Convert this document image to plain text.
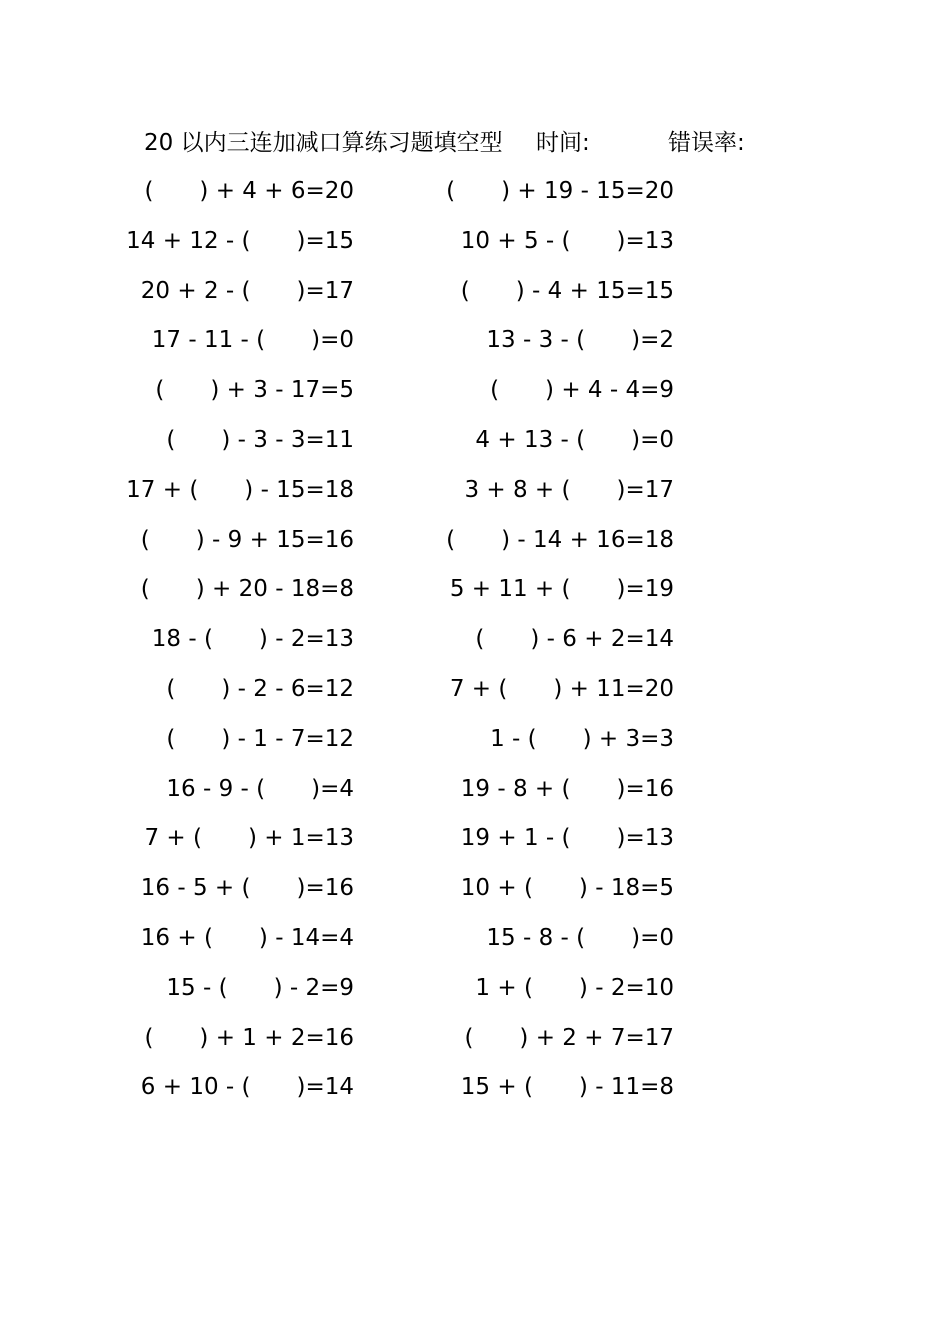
20 以内三连加减口算练习题填空型 时间:	错误率:
(　　) + 4 + 6=20	(　　) + 19 - 15=20
14 + 12 - (　　)=15	10 + 5 - (　　)=13
20 + 2 - (　　)=17	(　　) - 4 + 15=15
17 - 11 - (　　)=0	13 - 3 - (　　)=2
(　　) + 3 - 17=5	(　　) + 4 - 4=9
(　　) - 3 - 3=11	4 + 13 - (　　)=0
17 + (　　) - 15=18	3 + 8 + (　　)=17
(　　) - 9 + 15=16	(　　) - 14 + 16=18
(　　) + 20 - 18=8	5 + 11 + (　　)=19
18 - (　　) - 2=13	(　　) - 6 + 2=14
(　　) - 2 - 6=12	7 + (　　) + 11=20
(　　) - 1 - 7=12	1 - (　　) + 3=3
16 - 9 - (　　)=4	19 - 8 + (　　)=16
7 + (　　) + 1=13	19 + 1 - (　　)=13
16 - 5 + (　　)=16	10 + (　　) - 18=5
16 + (　　) - 14=4	15 - 8 - (　　)=0
15 - (　　) - 2=9	1 + (　　) - 2=10
(　　) + 1 + 2=16	(　　) + 2 + 7=17
6 + 10 - (　　)=14	15 + (　　) - 11=8
